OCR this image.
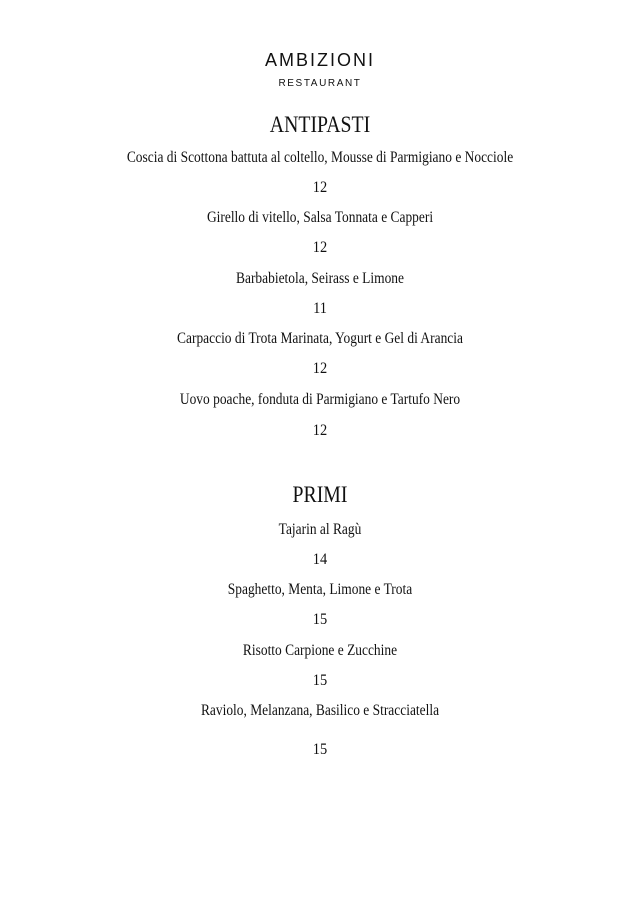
AMBIZIONI
RESTAURANT
ANTIPASTI
Coscia di Scottona battuta al coltello, Mousse di Parmigiano e Nocciole
12
Girello di vitello, Salsa Tonnata e Capperi
12
Barbabietola, Seirass e Limone
11
Carpaccio di Trota Marinata, Yogurt e Gel di Arancia
12
Uovo poache, fonduta di Parmigiano e Tartufo Nero
12
PRIMI
Tajarin al Ragù
14
Spaghetto, Menta, Limone e Trota
15
Risotto Carpione e Zucchine
15
Raviolo, Melanzana, Basilico e Stracciatella
15
